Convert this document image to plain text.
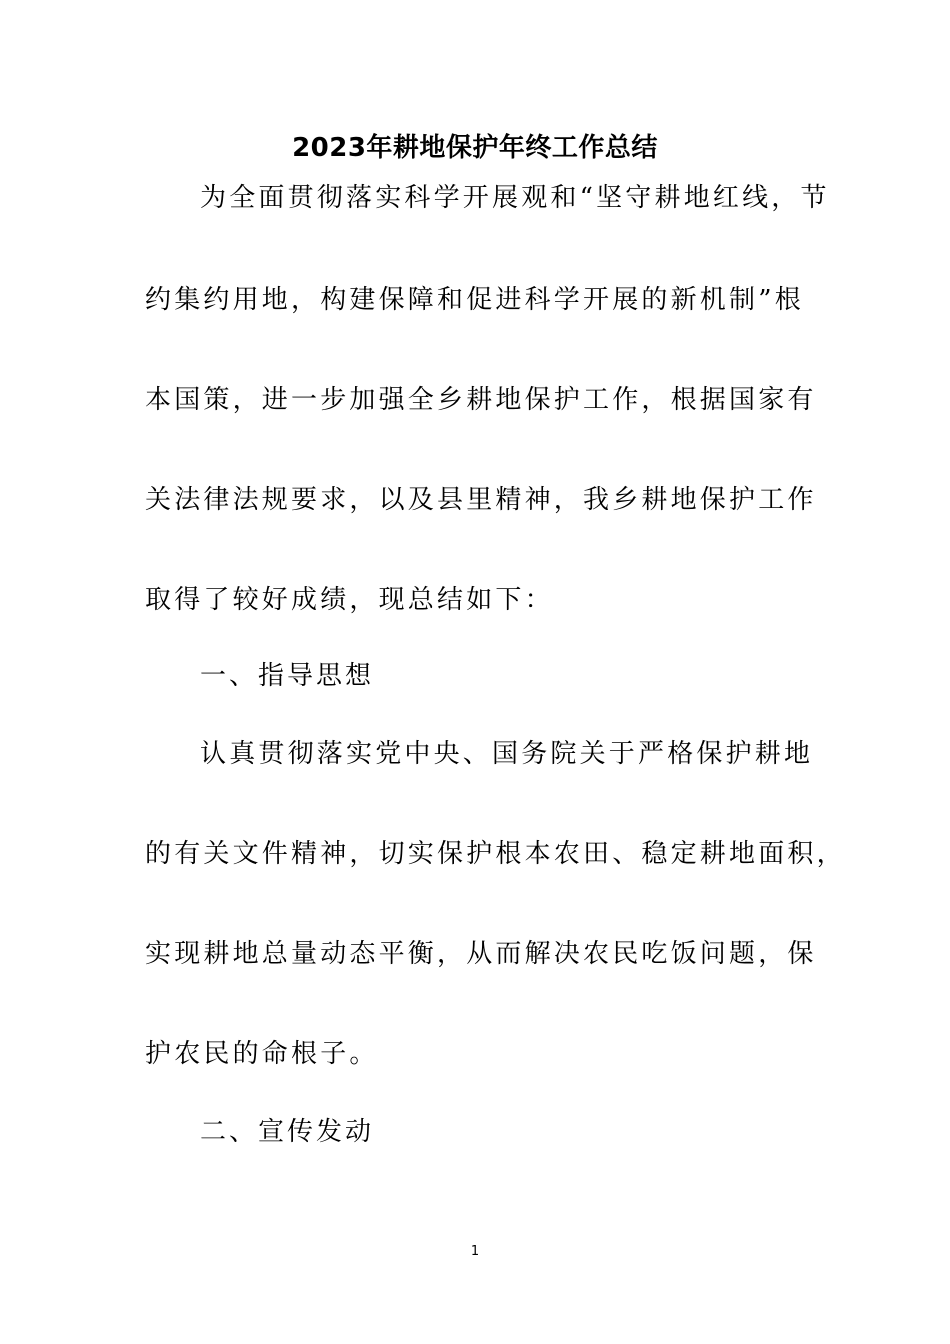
2023年耕地保护年终工作总结
为全面贯彻落实科学开展观和“坚守耕地红线，节
约集约用地，构建保障和促进科学开展的新机制”根
本国策，进一步加强全乡耕地保护工作，根据国家有
关法律法规要求，以及县里精神，我乡耕地保护工作
取得了较好成绩，现总结如下：
一、指导思想
认真贯彻落实党中央、国务院关于严格保护耕地
的有关文件精神，切实保护根本农田、稳定耕地面积，
实现耕地总量动态平衡，从而解决农民吃饭问题，保
护农民的命根子。
二、宣传发动
1
